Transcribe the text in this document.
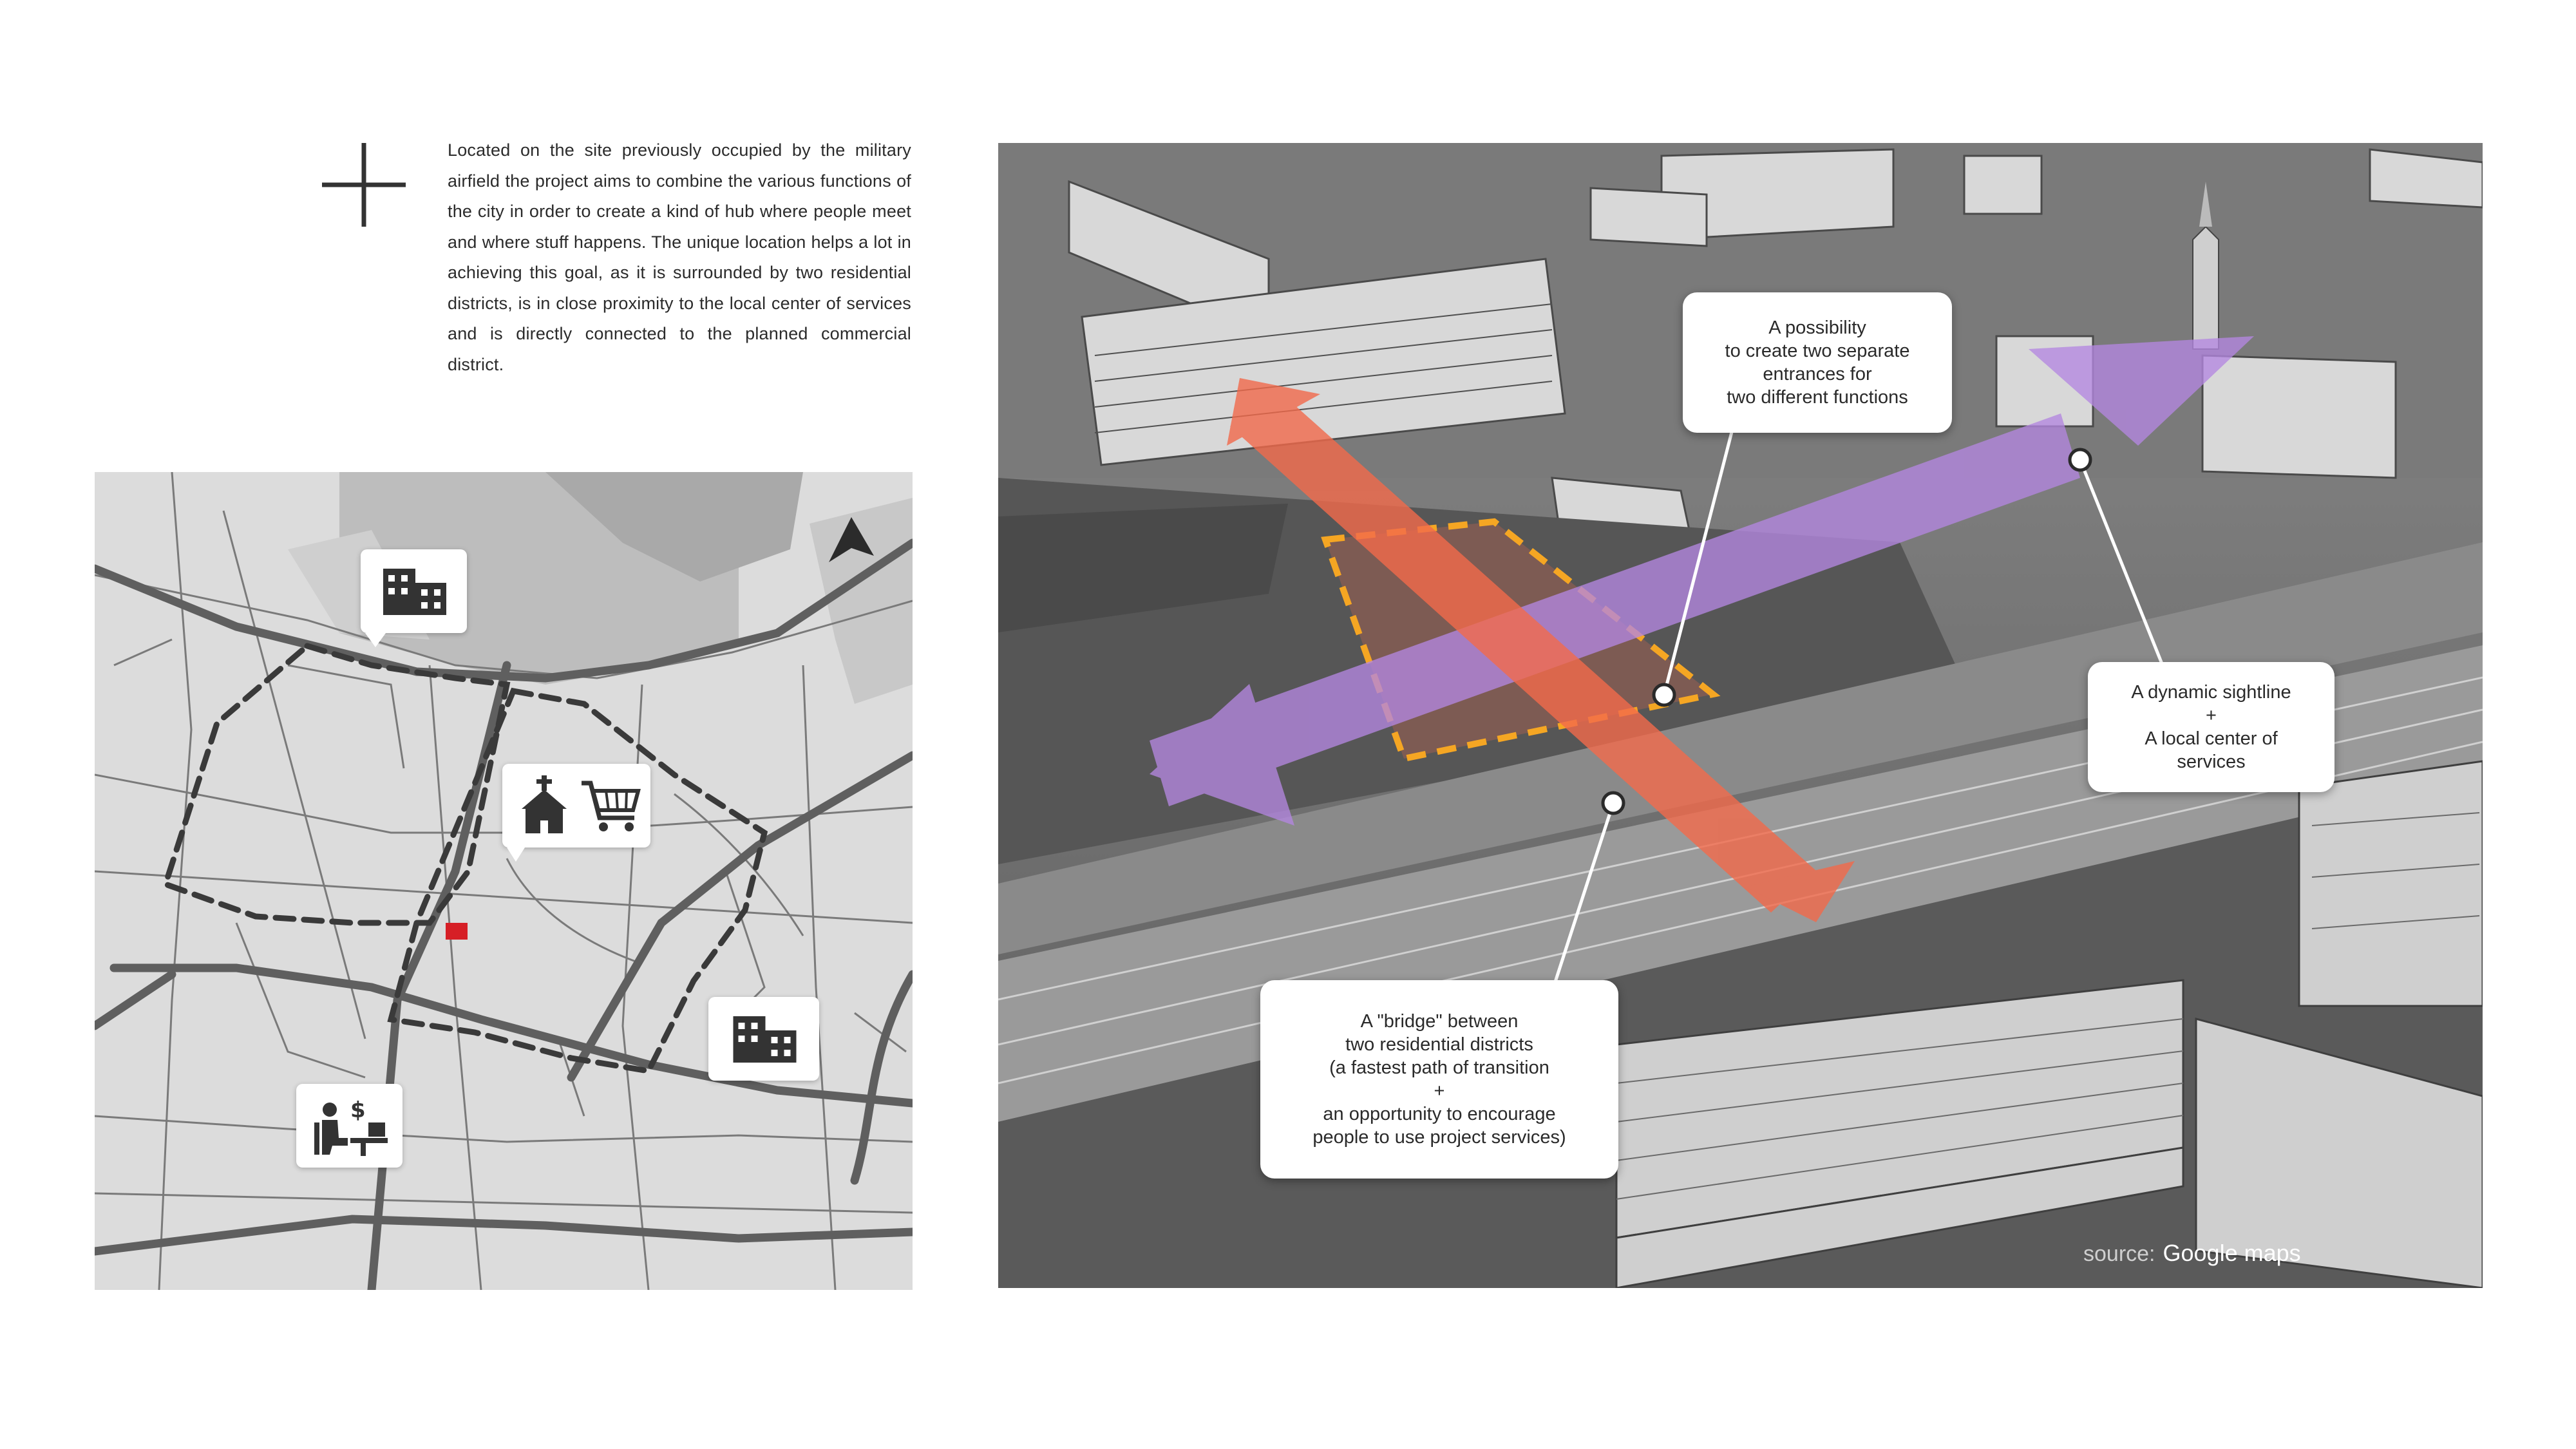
Located on the site previously occupied by the military airfield the project aims to combine the various functions of the city in order to create a kind of hub where people meet and where stuff happens. The unique location helps a lot in achieving this goal, as it is surrounded by two residential districts, is in close proximity to the local center of services and is directly connected to the planned commercial district.

$

A possibility
to create two separate
entrances for
two different functions

A dynamic sightline
+
A local center of
services

A "bridge" between
two residential districts
(a fastest path of transition
+
an opportunity to encourage
people to use project services)

source: Google maps
